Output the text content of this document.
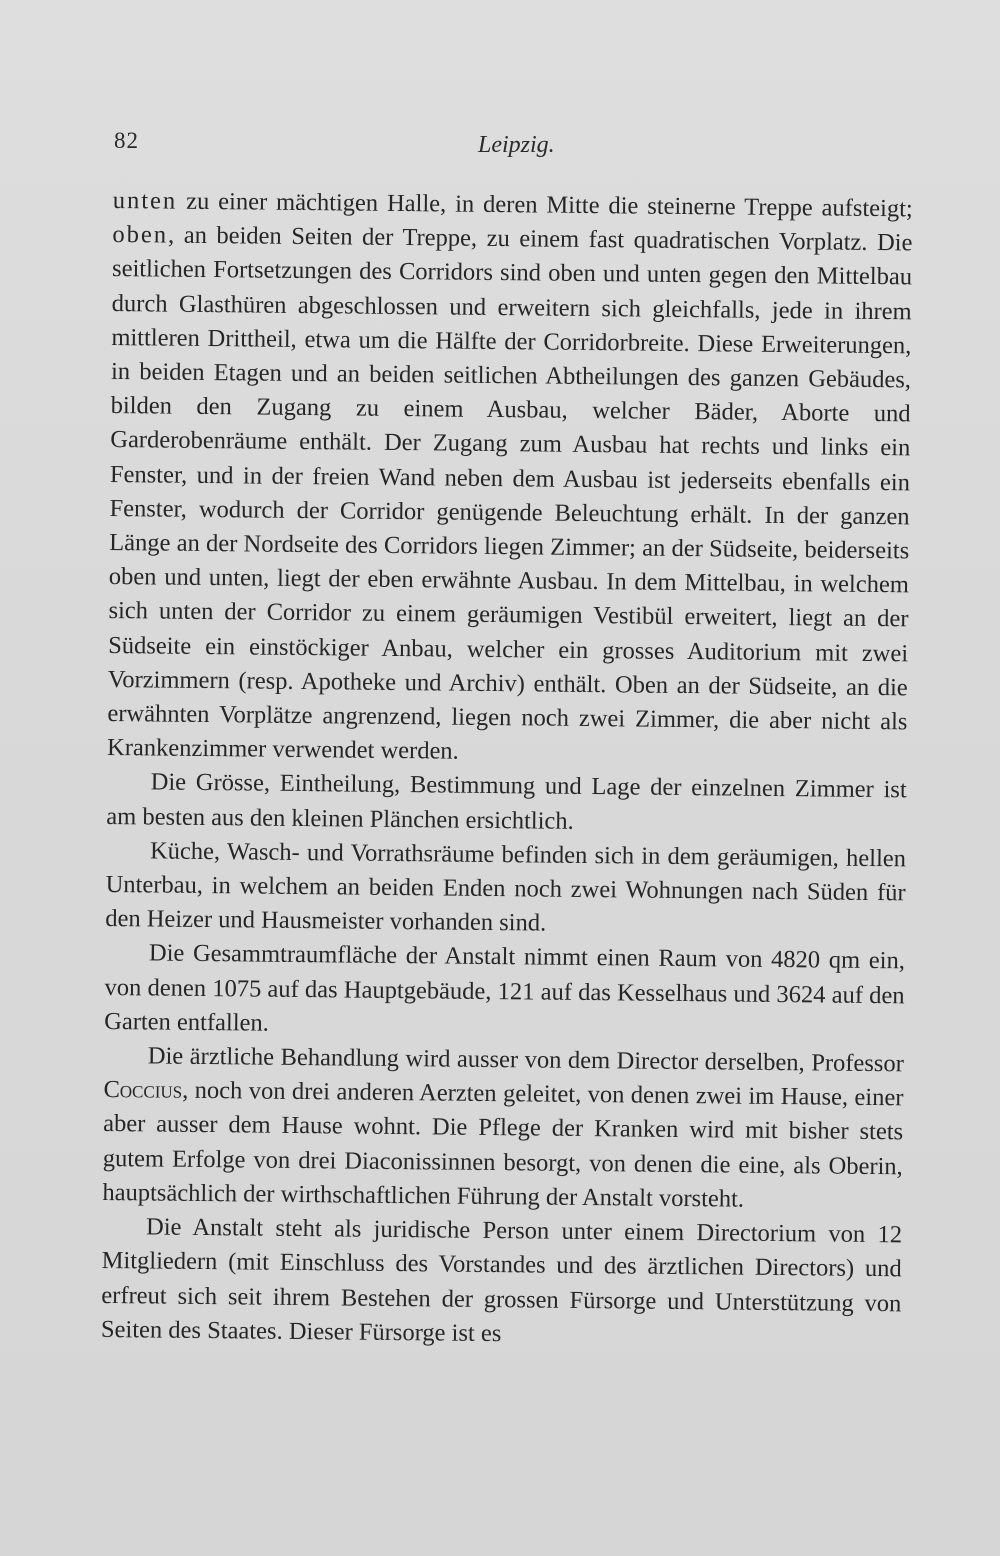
82	Leipzig.

unten zu einer mächtigen Halle, in deren Mitte die steinerne Treppe aufsteigt; oben, an beiden Seiten der Treppe, zu einem fast quadratischen Vorplatz. Die seitlichen Fortsetzungen des Corridors sind oben und unten gegen den Mittelbau durch Glasthüren abgeschlossen und erweitern sich gleichfalls, jede in ihrem mittleren Drittheil, etwa um die Hälfte der Corridorbreite. Diese Erweiterungen, in beiden Etagen und an beiden seitlichen Abtheilungen des ganzen Gebäudes, bilden den Zugang zu einem Ausbau, welcher Bäder, Aborte und Garderobenräume enthält. Der Zugang zum Ausbau hat rechts und links ein Fenster, und in der freien Wand neben dem Ausbau ist jederseits ebenfalls ein Fenster, wodurch der Corridor genügende Beleuchtung erhält. In der ganzen Länge an der Nordseite des Corridors liegen Zimmer; an der Südseite, beiderseits oben und unten, liegt der eben erwähnte Ausbau. In dem Mittelbau, in welchem sich unten der Corridor zu einem geräumigen Vestibül erweitert, liegt an der Südseite ein einstöckiger Anbau, welcher ein grosses Auditorium mit zwei Vorzimmern (resp. Apotheke und Archiv) enthält. Oben an der Südseite, an die erwähnten Vorplätze angrenzend, liegen noch zwei Zimmer, die aber nicht als Krankenzimmer verwendet werden.

Die Grösse, Eintheilung, Bestimmung und Lage der einzelnen Zimmer ist am besten aus den kleinen Plänchen ersichtlich.

Küche, Wasch- und Vorrathsräume befinden sich in dem geräumigen, hellen Unterbau, in welchem an beiden Enden noch zwei Wohnungen nach Süden für den Heizer und Hausmeister vorhanden sind.

Die Gesammtraumfläche der Anstalt nimmt einen Raum von 4820 qm ein, von denen 1075 auf das Hauptgebäude, 121 auf das Kesselhaus und 3624 auf den Garten entfallen.

Die ärztliche Behandlung wird ausser von dem Director derselben, Professor Coccius, noch von drei anderen Aerzten geleitet, von denen zwei im Hause, einer aber ausser dem Hause wohnt. Die Pflege der Kranken wird mit bisher stets gutem Erfolge von drei Diaconissinnen besorgt, von denen die eine, als Oberin, hauptsächlich der wirthschaftlichen Führung der Anstalt vorsteht.

Die Anstalt steht als juridische Person unter einem Directorium von 12 Mitgliedern (mit Einschluss des Vorstandes und des ärztlichen Directors) und erfreut sich seit ihrem Bestehen der grossen Fürsorge und Unterstützung von Seiten des Staates. Dieser Fürsorge ist es
